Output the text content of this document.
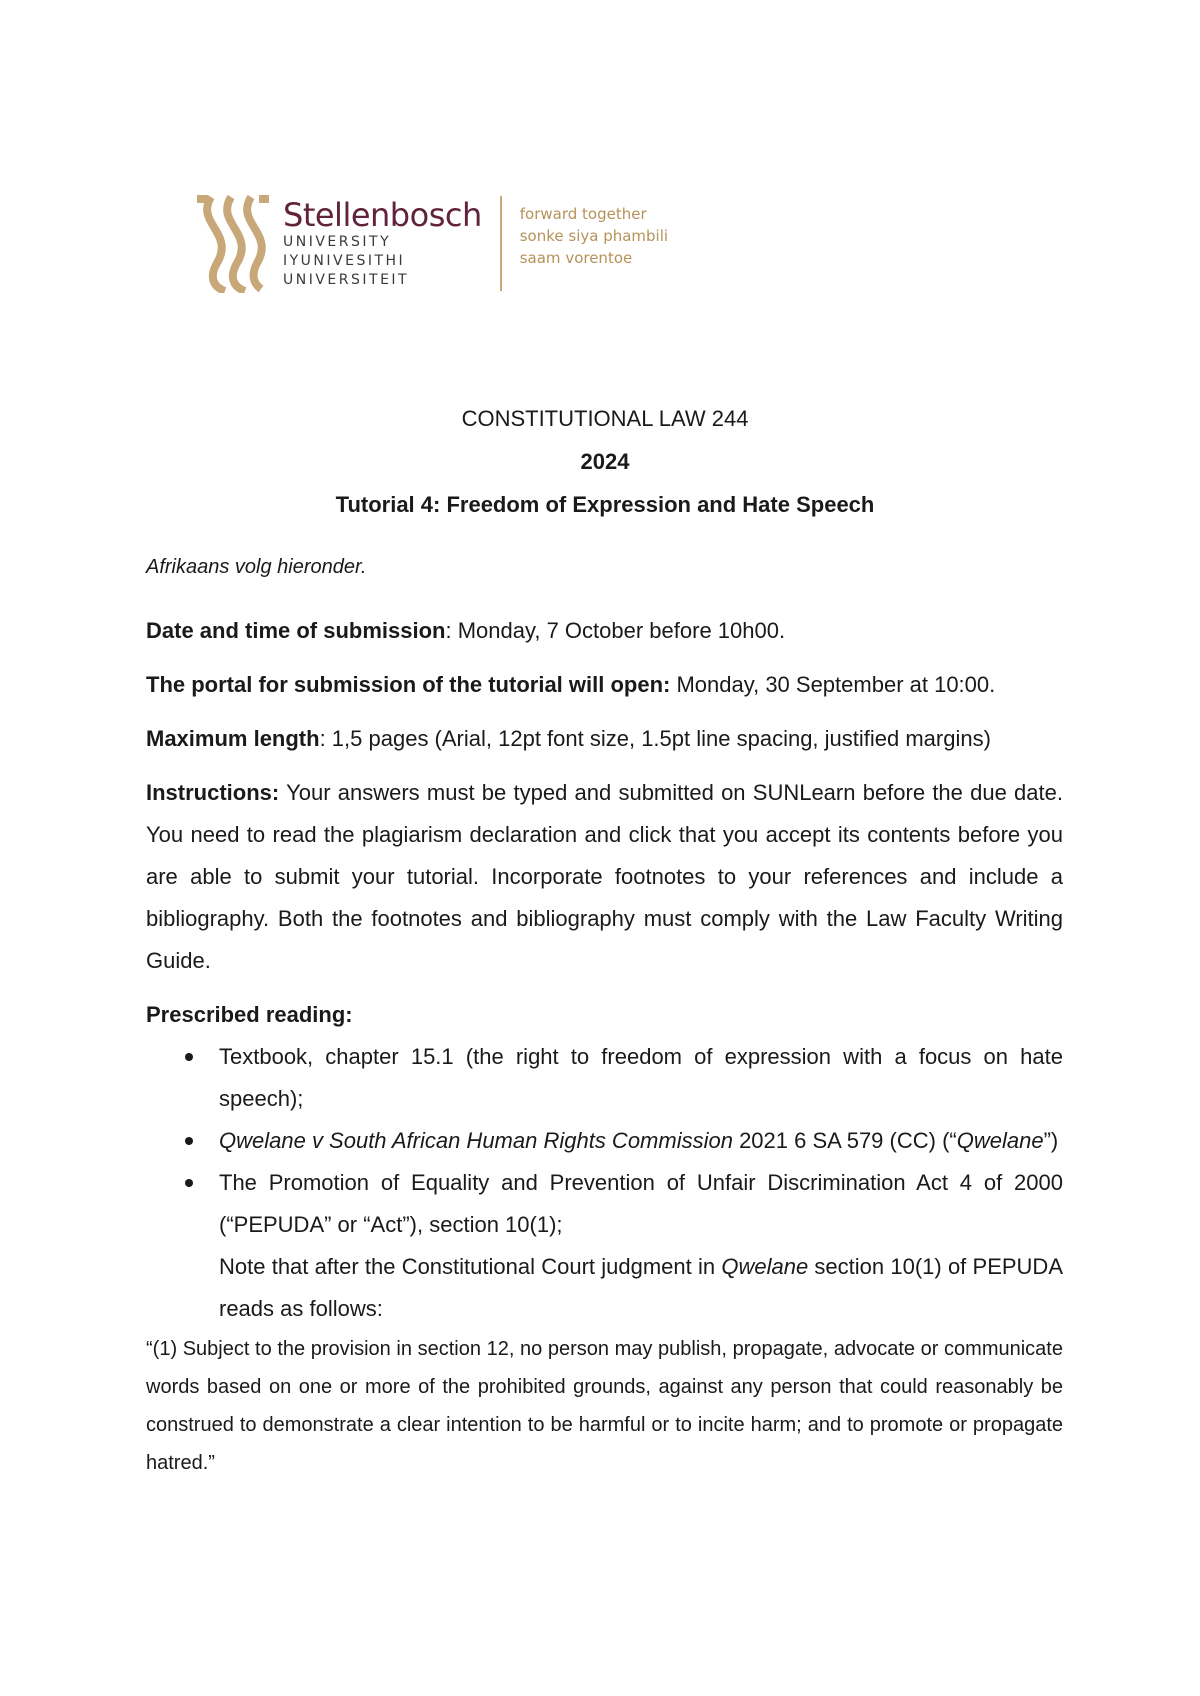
Stellenbosch
UNIVERSITY
IYUNIVESITHI
UNIVERSITEIT
forward together
sonke siya phambili
saam vorentoe
CONSTITUTIONAL LAW 244
2024
Tutorial 4: Freedom of Expression and Hate Speech

Afrikaans volg hieronder.

Date and time of submission: Monday, 7 October before 10h00.

The portal for submission of the tutorial will open: Monday, 30 September at 10:00.

Maximum length: 1,5 pages (Arial, 12pt font size, 1.5pt line spacing, justified margins)

Instructions: Your answers must be typed and submitted on SUNLearn before the due date. You need to read the plagiarism declaration and click that you accept its contents before you are able to submit your tutorial. Incorporate footnotes to your references and include a bibliography. Both the footnotes and bibliography must comply with the Law Faculty Writing Guide.

Prescribed reading:

Textbook, chapter 15.1 (the right to freedom of expression with a focus on hate speech);
Qwelane v South African Human Rights Commission 2021 6 SA 579 (CC) (“Qwelane”)
The Promotion of Equality and Prevention of Unfair Discrimination Act 4 of 2000 (“PEPUDA” or “Act”), section 10(1);
Note that after the Constitutional Court judgment in Qwelane section 10(1) of PEPUDA reads as follows:

“(1) Subject to the provision in section 12, no person may publish, propagate, advocate or communicate words based on one or more of the prohibited grounds, against any person that could reasonably be construed to demonstrate a clear intention to be harmful or to incite harm; and to promote or propagate hatred.”
